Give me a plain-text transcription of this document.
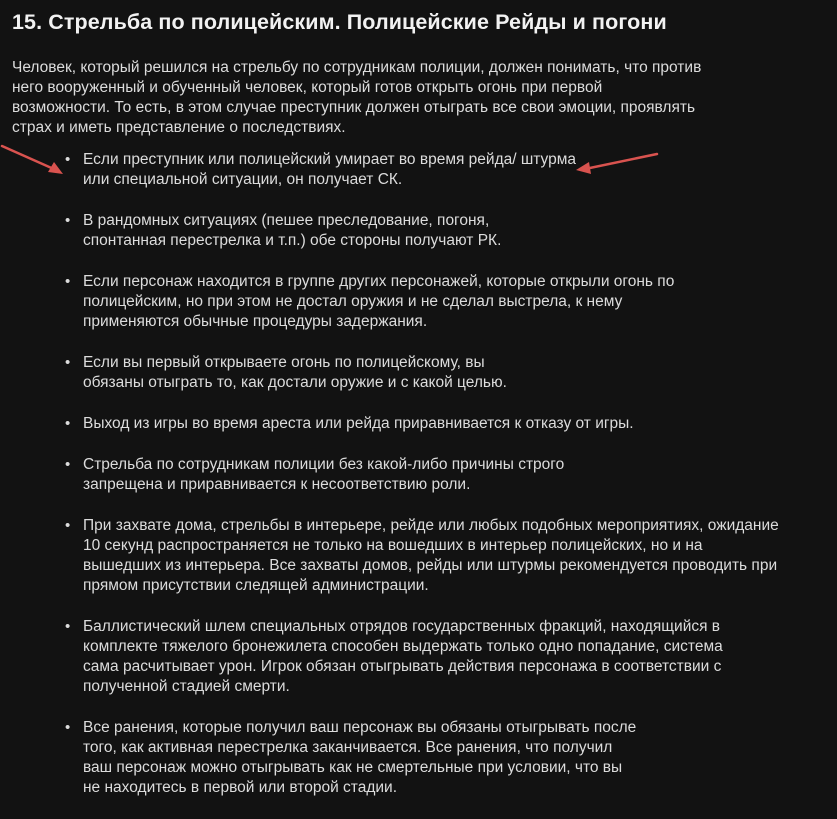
15. Стрельба по полицейским. Полицейские Рейды и погони

Человек, который решился на стрельбу по сотрудникам полиции, должен понимать, что против него вооруженный и обученный человек, который готов открыть огонь при первой возможности. То есть, в этом случае преступник должен отыграть все свои эмоции, проявлять страх и иметь представление о последствиях.

• Если преступник или полицейский умирает во время рейда/ штурма или специальной ситуации, он получает СК.
• В рандомных ситуациях (пешее преследование, погоня, спонтанная перестрелка и т.п.) обе стороны получают РК.
• Если персонаж находится в группе других персонажей, которые открыли огонь по полицейским, но при этом не достал оружия и не сделал выстрела, к нему применяются обычные процедуры задержания.
• Если вы первый открываете огонь по полицейскому, вы обязаны отыграть то, как достали оружие и с какой целью.
• Выход из игры во время ареста или рейда приравнивается к отказу от игры.
• Стрельба по сотрудникам полиции без какой-либо причины строго запрещена и приравнивается к несоответствию роли.
• При захвате дома, стрельбы в интерьере, рейде или любых подобных мероприятиях, ожидание 10 секунд распространяется не только на вошедших в интерьер полицейских, но и на вышедших из интерьера. Все захваты домов, рейды или штурмы рекомендуется проводить при прямом присутствии следящей администрации.
• Баллистический шлем специальных отрядов государственных фракций, находящийся в комплекте тяжелого бронежилета способен выдержать только одно попадание, система сама расчитывает урон. Игрок обязан отыгрывать действия персонажа в соответствии с полученной стадией смерти.
• Все ранения, которые получил ваш персонаж вы обязаны отыгрывать после того, как активная перестрелка заканчивается. Все ранения, что получил ваш персонаж можно отыгрывать как не смертельные при условии, что вы не находитесь в первой или второй стадии.
